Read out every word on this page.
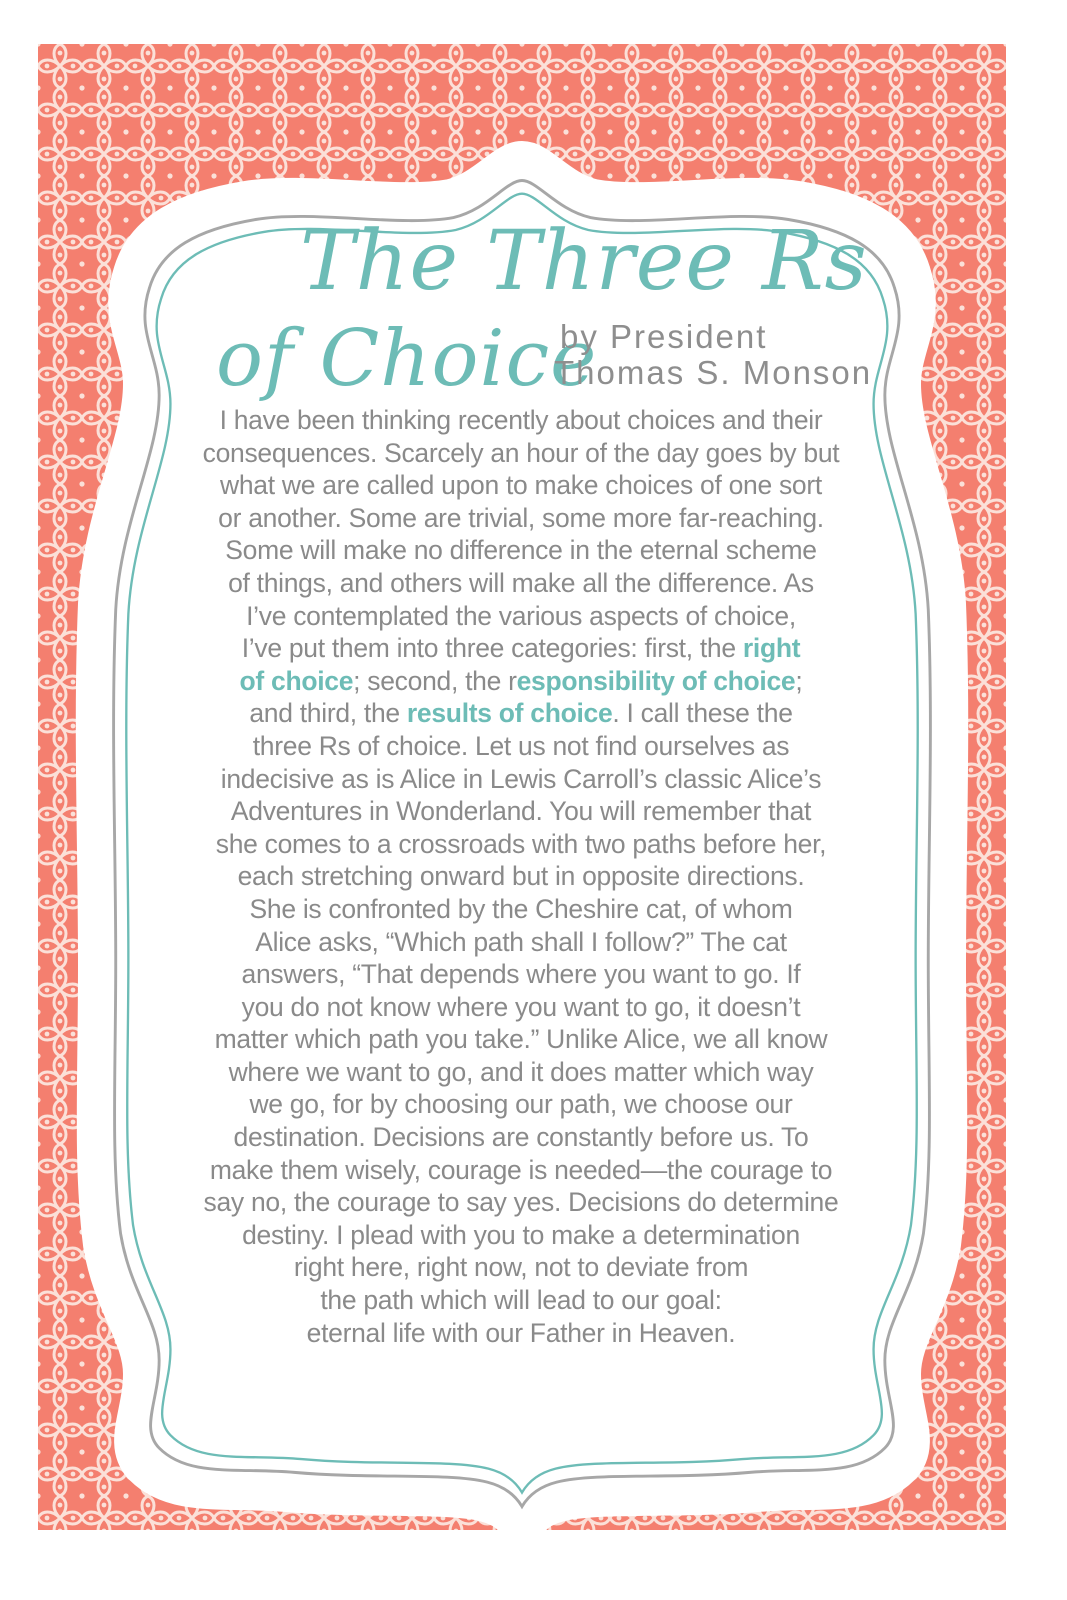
The Three Rs
of Choice
by President
Thomas S. Monson
I have been thinking recently about choices and their
consequences. Scarcely an hour of the day goes by but
what we are called upon to make choices of one sort
or another. Some are trivial, some more far-reaching.
Some will make no difference in the eternal scheme
of things, and others will make all the difference. As
I’ve contemplated the various aspects of choice,
I’ve put them into three categories: first, the right
of choice; second, the responsibility of choice;
and third, the results of choice. I call these the
three Rs of choice. Let us not find ourselves as
indecisive as is Alice in Lewis Carroll’s classic Alice’s
Adventures in Wonderland. You will remember that
she comes to a crossroads with two paths before her,
each stretching onward but in opposite directions.
She is confronted by the Cheshire cat, of whom
Alice asks, “Which path shall I follow?” The cat
answers, “That depends where you want to go. If
you do not know where you want to go, it doesn’t
matter which path you take.” Unlike Alice, we all know
where we want to go, and it does matter which way
we go, for by choosing our path, we choose our
destination. Decisions are constantly before us. To
make them wisely, courage is needed—the courage to
say no, the courage to say yes. Decisions do determine
destiny. I plead with you to make a determination
right here, right now, not to deviate from
the path which will lead to our goal:
eternal life with our Father in Heaven.
